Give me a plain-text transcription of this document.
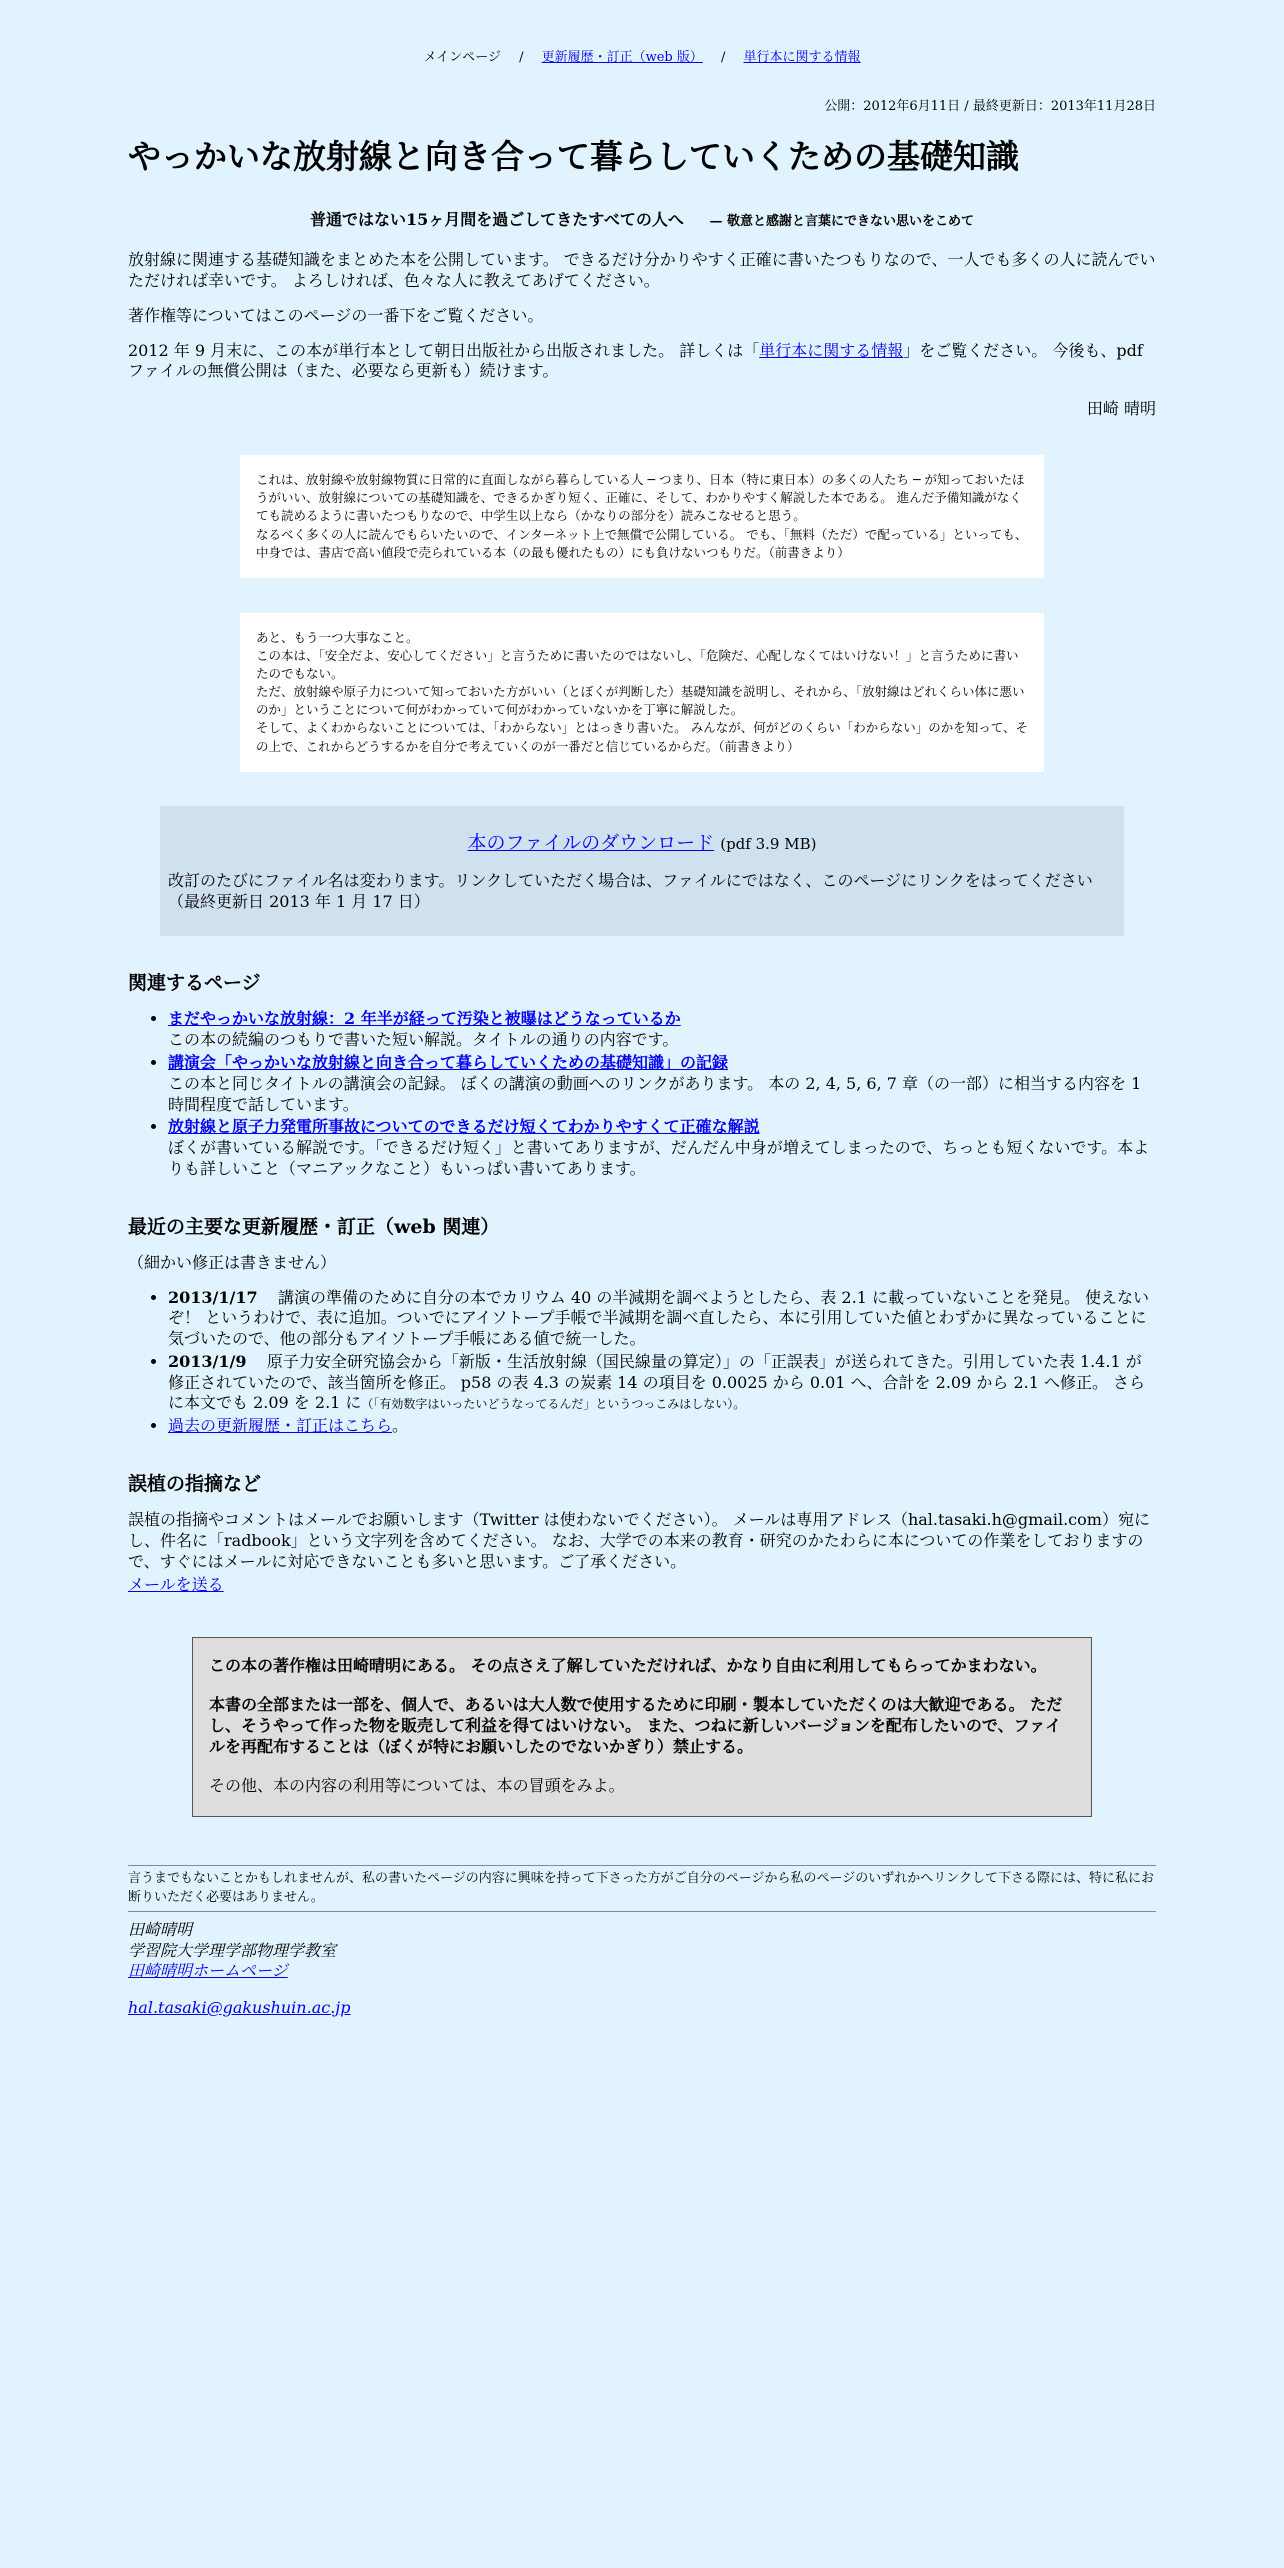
メインページ / 更新履歴・訂正（web 版） / 単行本に関する情報
公開：2012年6月11日 / 最終更新日：2013年11月28日
やっかいな放射線と向き合って暮らしていくための基礎知識
普通ではない15ヶ月間を過ごしてきたすべての人へ — 敬意と感謝と言葉にできない思いをこめて

放射線に関連する基礎知識をまとめた本を公開しています。 できるだけ分かりやすく正確に書いたつもりなので、一人でも多くの人に読んでいただければ幸いです。 よろしければ、色々な人に教えてあげてください。

著作権等についてはこのページの一番下をご覧ください。

2012 年 9 月末に、この本が単行本として朝日出版社から出版されました。 詳しくは「単行本に関する情報」をご覧ください。 今後も、pdf ファイルの無償公開は（また、必要なら更新も）続けます。

田崎 晴明
これは、放射線や放射線物質に日常的に直面しながら暮らしている人 ─ つまり、日本（特に東日本）の多くの人たち ─ が知っておいたほうがいい、放射線についての基礎知識を、できるかぎり短く、正確に、そして、わかりやすく解説した本である。 進んだ予備知識がなくても読めるように書いたつもりなので、中学生以上なら（かなりの部分を）読みこなせると思う。
なるべく多くの人に読んでもらいたいので、インターネット上で無償で公開している。 でも、「無料（ただ）で配っている」といっても、中身では、書店で高い値段で売られている本（の最も優れたもの）にも負けないつもりだ。（前書きより）
あと、もう一つ大事なこと。
この本は、「安全だよ、安心してください」と言うために書いたのではないし、「危険だ、心配しなくてはいけない！」と言うために書いたのでもない。
ただ、放射線や原子力について知っておいた方がいい（とぼくが判断した）基礎知識を説明し、それから、「放射線はどれくらい体に悪いのか」ということについて何がわかっていて何がわかっていないかを丁寧に解説した。
そして、よくわからないことについては、「わからない」とはっきり書いた。 みんなが、何がどのくらい「わからない」のかを知って、その上で、これからどうするかを自分で考えていくのが一番だと信じているからだ。（前書きより）
本のファイルのダウンロード (pdf 3.9 MB)
改訂のたびにファイル名は変わります。リンクしていただく場合は、ファイルにではなく、このページにリンクをはってください（最終更新日 2013 年 1 月 17 日）
関連するページ
• まだやっかいな放射線：2 年半が経って汚染と被曝はどうなっているか
この本の続編のつもりで書いた短い解説。タイトルの通りの内容です。
• 講演会「やっかいな放射線と向き合って暮らしていくための基礎知識」の記録
この本と同じタイトルの講演会の記録。 ぼくの講演の動画へのリンクがあります。 本の 2, 4, 5, 6, 7 章（の一部）に相当する内容を 1 時間程度で話しています。
• 放射線と原子力発電所事故についてのできるだけ短くてわかりやすくて正確な解説
ぼくが書いている解説です。「できるだけ短く」と書いてありますが、だんだん中身が増えてしまったので、ちっとも短くないです。本よりも詳しいこと（マニアックなこと）もいっぱい書いてあります。
最近の主要な更新履歴・訂正（web 関連）

（細かい修正は書きません）

• 2013/1/17 講演の準備のために自分の本でカリウム 40 の半減期を調べようとしたら、表 2.1 に載っていないことを発見。 使えないぞ！ というわけで、表に追加。ついでにアイソトープ手帳で半減期を調べ直したら、本に引用していた値とわずかに異なっていることに気づいたので、他の部分もアイソトープ手帳にある値で統一した。
• 2013/1/9 原子力安全研究協会から「新版・生活放射線（国民線量の算定）」の「正誤表」が送られてきた。引用していた表 1.4.1 が修正されていたので、該当箇所を修正。 p58 の表 4.3 の炭素 14 の項目を 0.0025 から 0.01 へ、合計を 2.09 から 2.1 へ修正。 さらに本文でも 2.09 を 2.1 に（「有効数字はいったいどうなってるんだ」というつっこみはしない）。
• 過去の更新履歴・訂正はこちら。
誤植の指摘など

誤植の指摘やコメントはメールでお願いします（Twitter は使わないでください）。 メールは専用アドレス（hal.tasaki.h@gmail.com）宛にし、件名に「radbook」という文字列を含めてください。 なお、大学での本来の教育・研究のかたわらに本についての作業をしておりますので、すぐにはメールに対応できないことも多いと思います。ご了承ください。

メールを送る

この本の著作権は田崎晴明にある。 その点さえ了解していただければ、かなり自由に利用してもらってかまわない。

本書の全部または一部を、個人で、あるいは大人数で使用するために印刷・製本していただくのは大歓迎である。 ただし、そうやって作った物を販売して利益を得てはいけない。 また、つねに新しいバージョンを配布したいので、ファイルを再配布することは（ぼくが特にお願いしたのでないかぎり）禁止する。

その他、本の内容の利用等については、本の冒頭をみよ。

言うまでもないことかもしれませんが、私の書いたページの内容に興味を持って下さった方がご自分のページから私のページのいずれかへリンクして下さる際には、特に私にお断りいただく必要はありません。
田崎晴明
学習院大学理学部物理学教室
田崎晴明ホームページ
hal.tasaki@gakushuin.ac.jp
